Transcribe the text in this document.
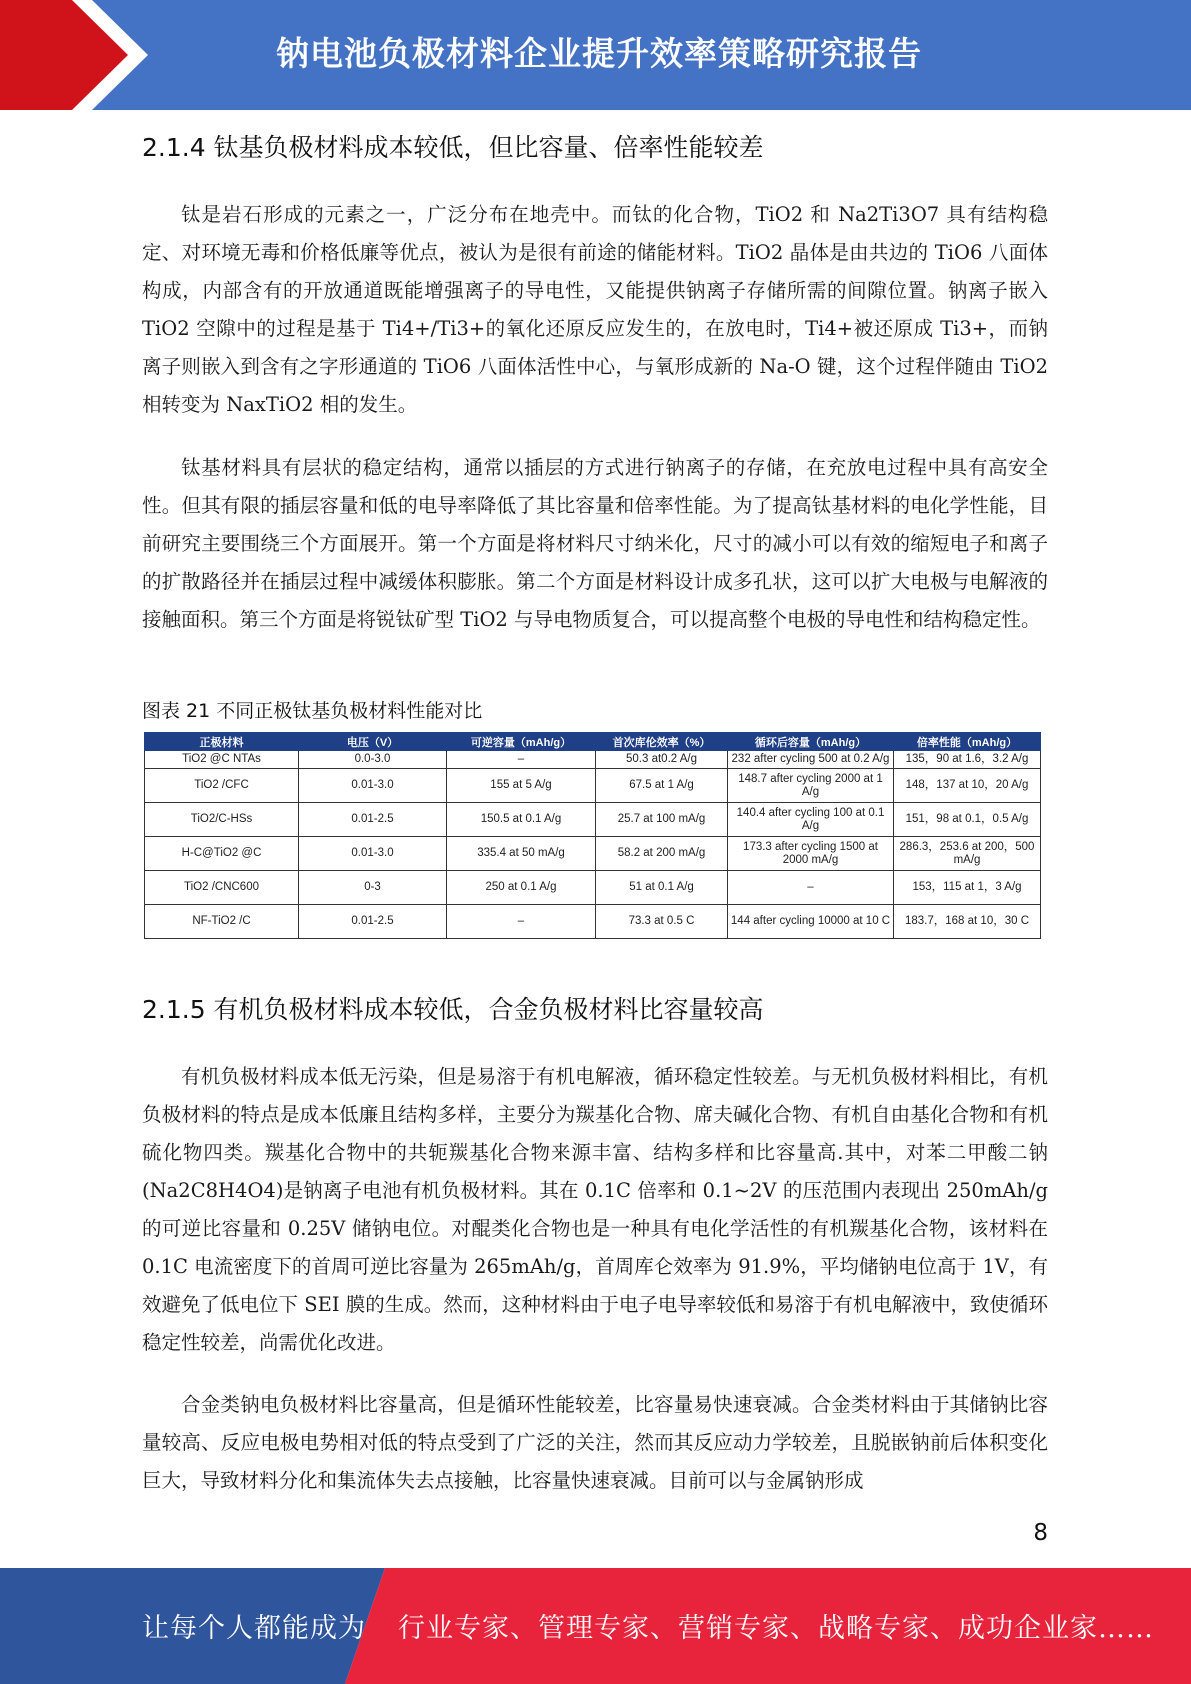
钠电池负极材料企业提升效率策略研究报告
2.1.4 钛基负极材料成本较低，但比容量、倍率性能较差

钛是岩石形成的元素之一，广泛分布在地壳中。而钛的化合物，TiO2 和 Na2Ti3O7 具有结构稳定、对环境无毒和价格低廉等优点，被认为是很有前途的储能材料。TiO2 晶体是由共边的 TiO6 八面体构成，内部含有的开放通道既能增强离子的导电性，又能提供钠离子存储所需的间隙位置。钠离子嵌入 TiO2 空隙中的过程是基于 Ti4+/Ti3+的氧化还原反应发生的，在放电时，Ti4+被还原成 Ti3+，而钠离子则嵌入到含有之字形通道的 TiO6 八面体活性中心，与氧形成新的 Na-O 键，这个过程伴随由 TiO2 相转变为 NaxTiO2 相的发生。

钛基材料具有层状的稳定结构，通常以插层的方式进行钠离子的存储，在充放电过程中具有高安全性。但其有限的插层容量和低的电导率降低了其比容量和倍率性能。为了提高钛基材料的电化学性能，目前研究主要围绕三个方面展开。第一个方面是将材料尺寸纳米化，尺寸的减小可以有效的缩短电子和离子的扩散路径并在插层过程中减缓体积膨胀。第二个方面是材料设计成多孔状，这可以扩大电极与电解液的接触面积。第三个方面是将锐钛矿型 TiO2 与导电物质复合，可以提高整个电极的导电性和结构稳定性。

图表 21 不同正极钛基负极材料性能对比
正极材料	电压（V）	可逆容量（mAh/g）	首次库伦效率（%）	循环后容量（mAh/g）	倍率性能（mAh/g）
TiO2 @C NTAs	0.0-3.0	–	50.3 at0.2 A/g	232 after cycling 500 at 0.2 A/g	135，90 at 1.6，3.2 A/g
TiO2 /CFC	0.01-3.0	155 at 5 A/g	67.5 at 1 A/g	148.7 after cycling 2000 at 1 A/g	148，137 at 10，20 A/g
TiO2/C-HSs	0.01-2.5	150.5 at 0.1 A/g	25.7 at 100 mA/g	140.4 after cycling 100 at 0.1 A/g	151，98 at 0.1，0.5 A/g
H-C@TiO2 @C	0.01-3.0	335.4 at 50 mA/g	58.2 at 200 mA/g	173.3 after cycling 1500 at 2000 mA/g	286.3，253.6 at 200，500 mA/g
TiO2 /CNC600	0-3	250 at 0.1 A/g	51 at 0.1 A/g	–	153，115 at 1，3 A/g
NF-TiO2 /C	0.01-2.5	–	73.3 at 0.5 C	144 after cycling 10000 at 10 C	183.7，168 at 10，30 C
2.1.5 有机负极材料成本较低，合金负极材料比容量较高

有机负极材料成本低无污染，但是易溶于有机电解液，循环稳定性较差。与无机负极材料相比，有机负极材料的特点是成本低廉且结构多样，主要分为羰基化合物、席夫碱化合物、有机自由基化合物和有机硫化物四类。羰基化合物中的共轭羰基化合物来源丰富、结构多样和比容量高.其中，对苯二甲酸二钠(Na2C8H4O4)是钠离子电池有机负极材料。其在 0.1C 倍率和 0.1~2V 的压范围内表现出 250mAh/g 的可逆比容量和 0.25V 储钠电位。对醌类化合物也是一种具有电化学活性的有机羰基化合物，该材料在 0.1C 电流密度下的首周可逆比容量为 265mAh/g，首周库仑效率为 91.9%，平均储钠电位高于 1V，有效避免了低电位下 SEI 膜的生成。然而，这种材料由于电子电导率较低和易溶于有机电解液中，致使循环稳定性较差，尚需优化改进。

合金类钠电负极材料比容量高，但是循环性能较差，比容量易快速衰减。合金类材料由于其储钠比容量较高、反应电极电势相对低的特点受到了广泛的关注，然而其反应动力学较差，且脱嵌钠前后体积变化巨大，导致材料分化和集流体失去点接触，比容量快速衰减。目前可以与金属钠形成

8
让每个人都能成为 行业专家、管理专家、营销专家、战略专家、成功企业家……
